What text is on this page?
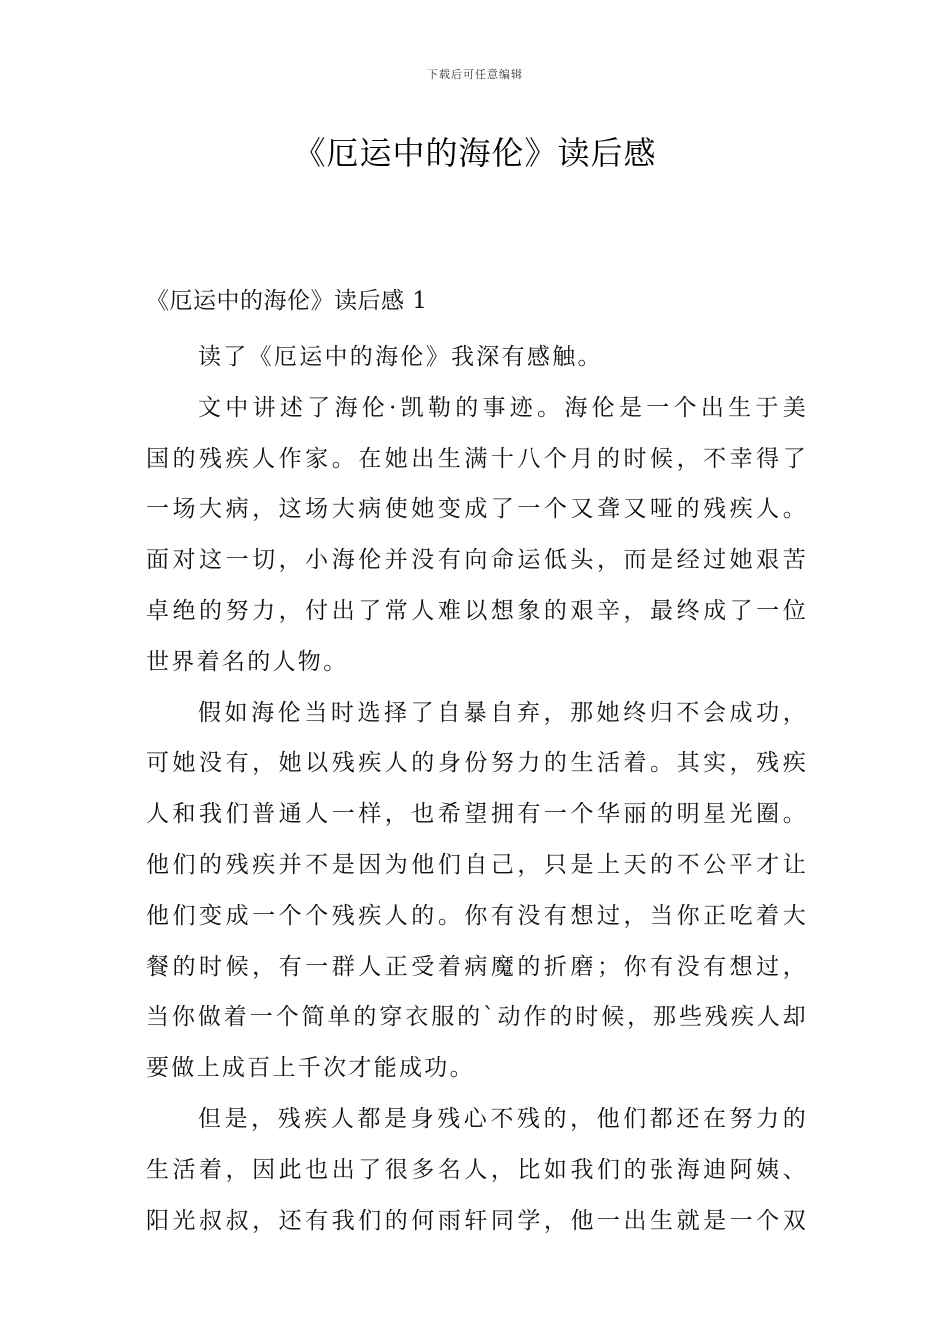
下载后可任意编辑
《厄运中的海伦》读后感
《厄运中的海伦》读后感 1
读了《厄运中的海伦》我深有感触。
文中讲述了海伦·凯勒的事迹。海伦是一个出生于美
国的残疾人作家。在她出生满十八个月的时候，不幸得了
一场大病，这场大病使她变成了一个又聋又哑的残疾人。
面对这一切，小海伦并没有向命运低头，而是经过她艰苦
卓绝的努力，付出了常人难以想象的艰辛，最终成了一位
世界着名的人物。
假如海伦当时选择了自暴自弃，那她终归不会成功，
可她没有，她以残疾人的身份努力的生活着。其实，残疾
人和我们普通人一样，也希望拥有一个华丽的明星光圈。
他们的残疾并不是因为他们自己，只是上天的不公平才让
他们变成一个个残疾人的。你有没有想过，当你正吃着大
餐的时候，有一群人正受着病魔的折磨；你有没有想过，
当你做着一个简单的穿衣服的`动作的时候，那些残疾人却
要做上成百上千次才能成功。
但是，残疾人都是身残心不残的，他们都还在努力的
生活着，因此也出了很多名人，比如我们的张海迪阿姨、
阳光叔叔，还有我们的何雨轩同学，他一出生就是一个双
